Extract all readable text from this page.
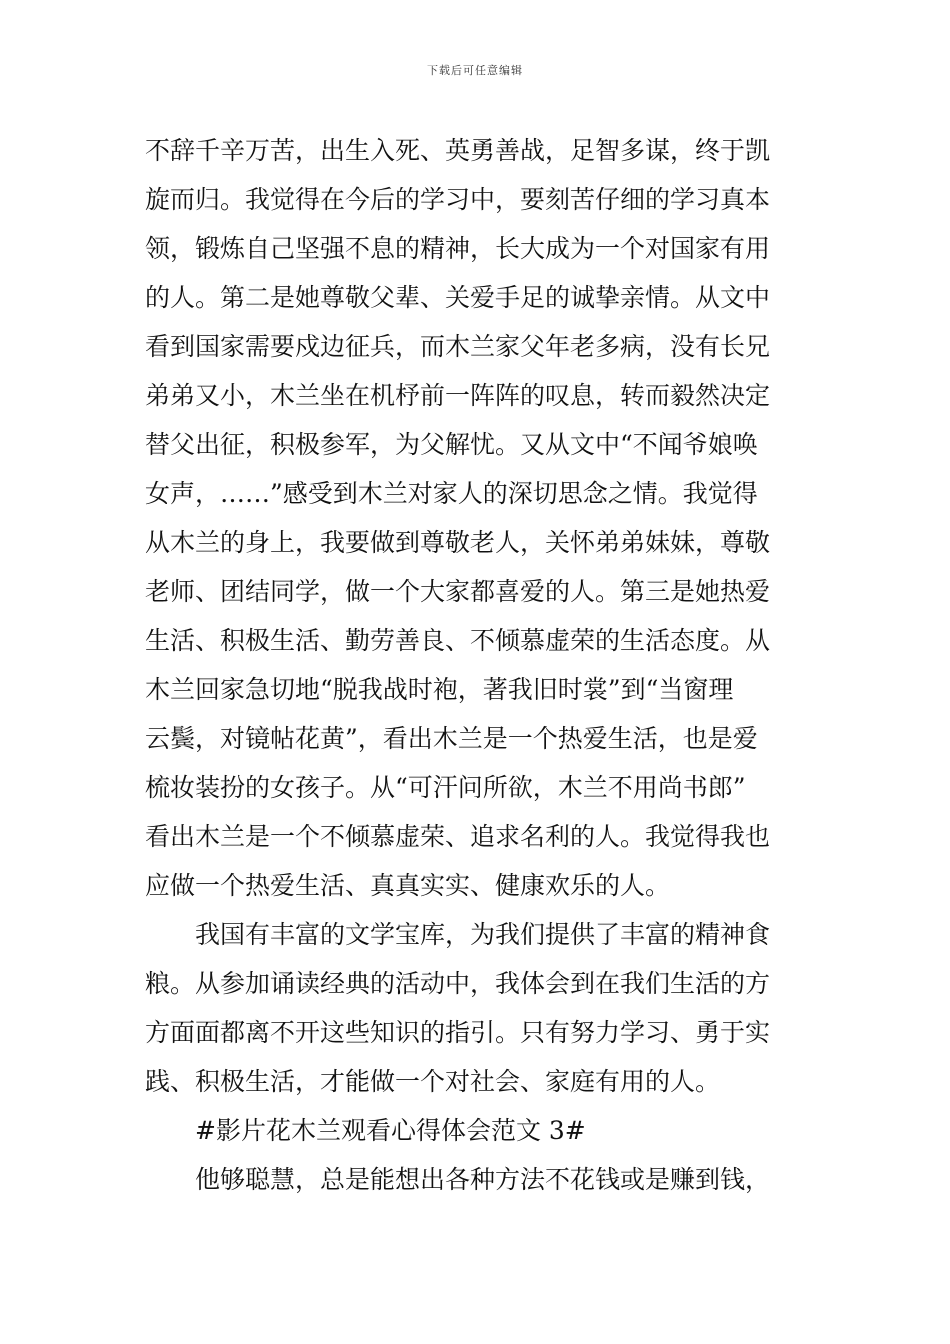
下载后可任意编辑
不辞千辛万苦，出生入死、英勇善战，足智多谋，终于凯
旋而归。我觉得在今后的学习中，要刻苦仔细的学习真本
领，锻炼自己坚强不息的精神，长大成为一个对国家有用
的人。第二是她尊敬父辈、关爱手足的诚挚亲情。从文中
看到国家需要戍边征兵，而木兰家父年老多病，没有长兄
弟弟又小，木兰坐在机杼前一阵阵的叹息，转而毅然决定
替父出征，积极参军，为父解忧。又从文中“不闻爷娘唤
女声，……”感受到木兰对家人的深切思念之情。我觉得
从木兰的身上，我要做到尊敬老人，关怀弟弟妹妹，尊敬
老师、团结同学，做一个大家都喜爱的人。第三是她热爱
生活、积极生活、勤劳善良、不倾慕虚荣的生活态度。从
木兰回家急切地“脱我战时袍，著我旧时裳”到“当窗理
云鬓，对镜帖花黄”，看出木兰是一个热爱生活，也是爱
梳妆装扮的女孩子。从“可汗问所欲，木兰不用尚书郎”
看出木兰是一个不倾慕虚荣、追求名利的人。我觉得我也
应做一个热爱生活、真真实实、健康欢乐的人。
我国有丰富的文学宝库，为我们提供了丰富的精神食
粮。从参加诵读经典的活动中，我体会到在我们生活的方
方面面都离不开这些知识的指引。只有努力学习、勇于实
践、积极生活，才能做一个对社会、家庭有用的人。
#影片花木兰观看心得体会范文 3#
他够聪慧，总是能想出各种方法不花钱或是赚到钱，
